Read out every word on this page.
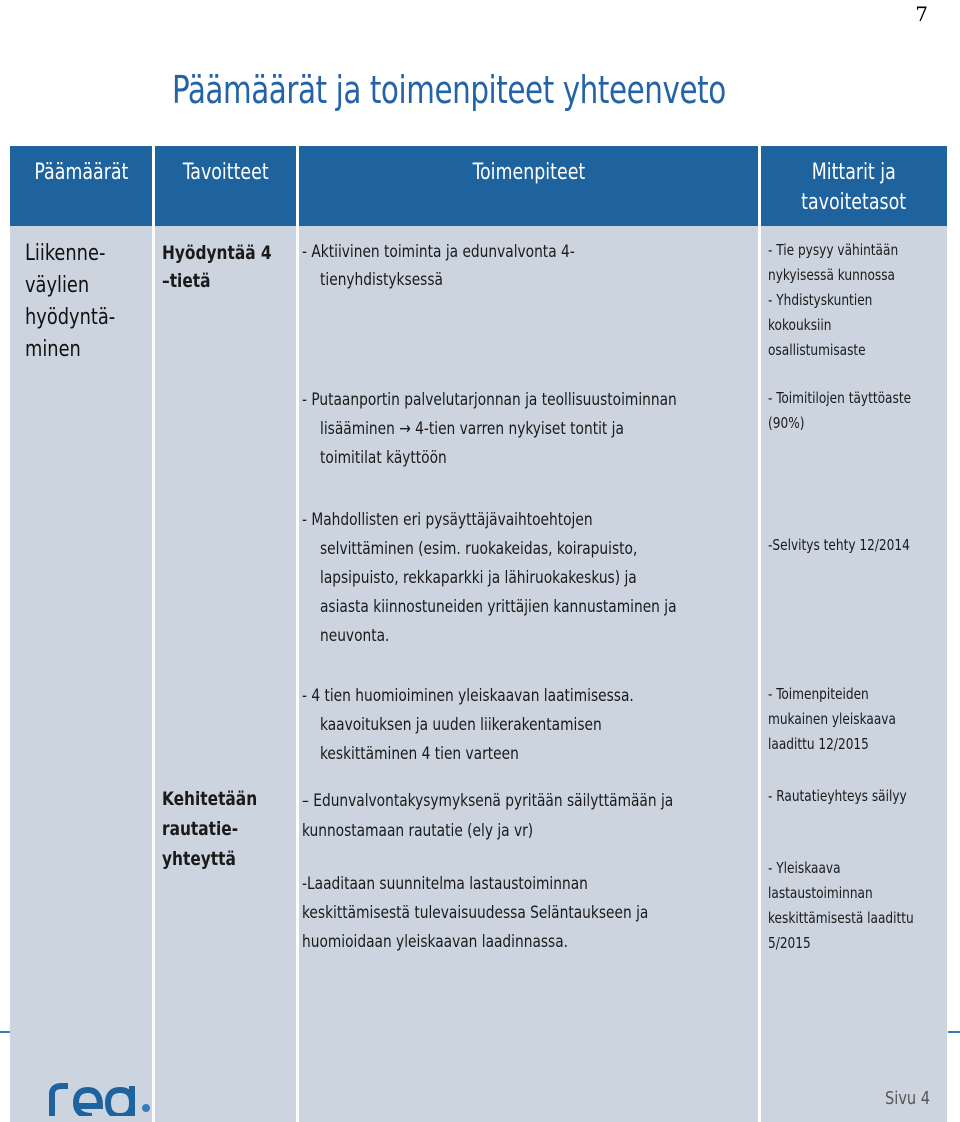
7
Päämäärät ja toimenpiteet yhteenveto
Päämäärät Tavoitteet	Toimenpiteet	Mittarit ja
tavoitetasot
Liikenne-
väylien
hyödyntä-
minen
Hyödyntää 4
–tietä
Kehitetään
rautatie-
yhteyttä
- Aktiivinen toiminta ja edunvalvonta 4-
tienyhdistyksessä
- Putaanportin palvelutarjonnan ja teollisuustoiminnan
lisääminen → 4-tien varren nykyiset tontit ja
toimitilat käyttöön
- Mahdollisten eri pysäyttäjävaihtoehtojen
selvittäminen (esim. ruokakeidas, koirapuisto,
lapsipuisto, rekkaparkki ja lähiruokakeskus) ja
asiasta kiinnostuneiden yrittäjien kannustaminen ja
neuvonta.
- 4 tien huomioiminen yleiskaavan laatimisessa.
kaavoituksen ja uuden liikerakentamisen
keskittäminen 4 tien varteen
– Edunvalvontakysymyksenä pyritään säilyttämään ja
kunnostamaan rautatie (ely ja vr)
-Laaditaan suunnitelma lastaustoiminnan
keskittämisestä tulevaisuudessa Seläntaukseen ja
huomioidaan yleiskaavan laadinnassa.
- Tie pysyy vähintään
nykyisessä kunnossa
- Yhdistyskuntien
kokouksiin
osallistumisaste
- Toimitilojen täyttöaste
(90%)
-Selvitys tehty 12/2014
- Toimenpiteiden
mukainen yleiskaava
laadittu 12/2015
- Rautatieyhteys säilyy
- Yleiskaava
lastaustoiminnan
keskittämisestä laadittu
5/2015
Sivu 4
